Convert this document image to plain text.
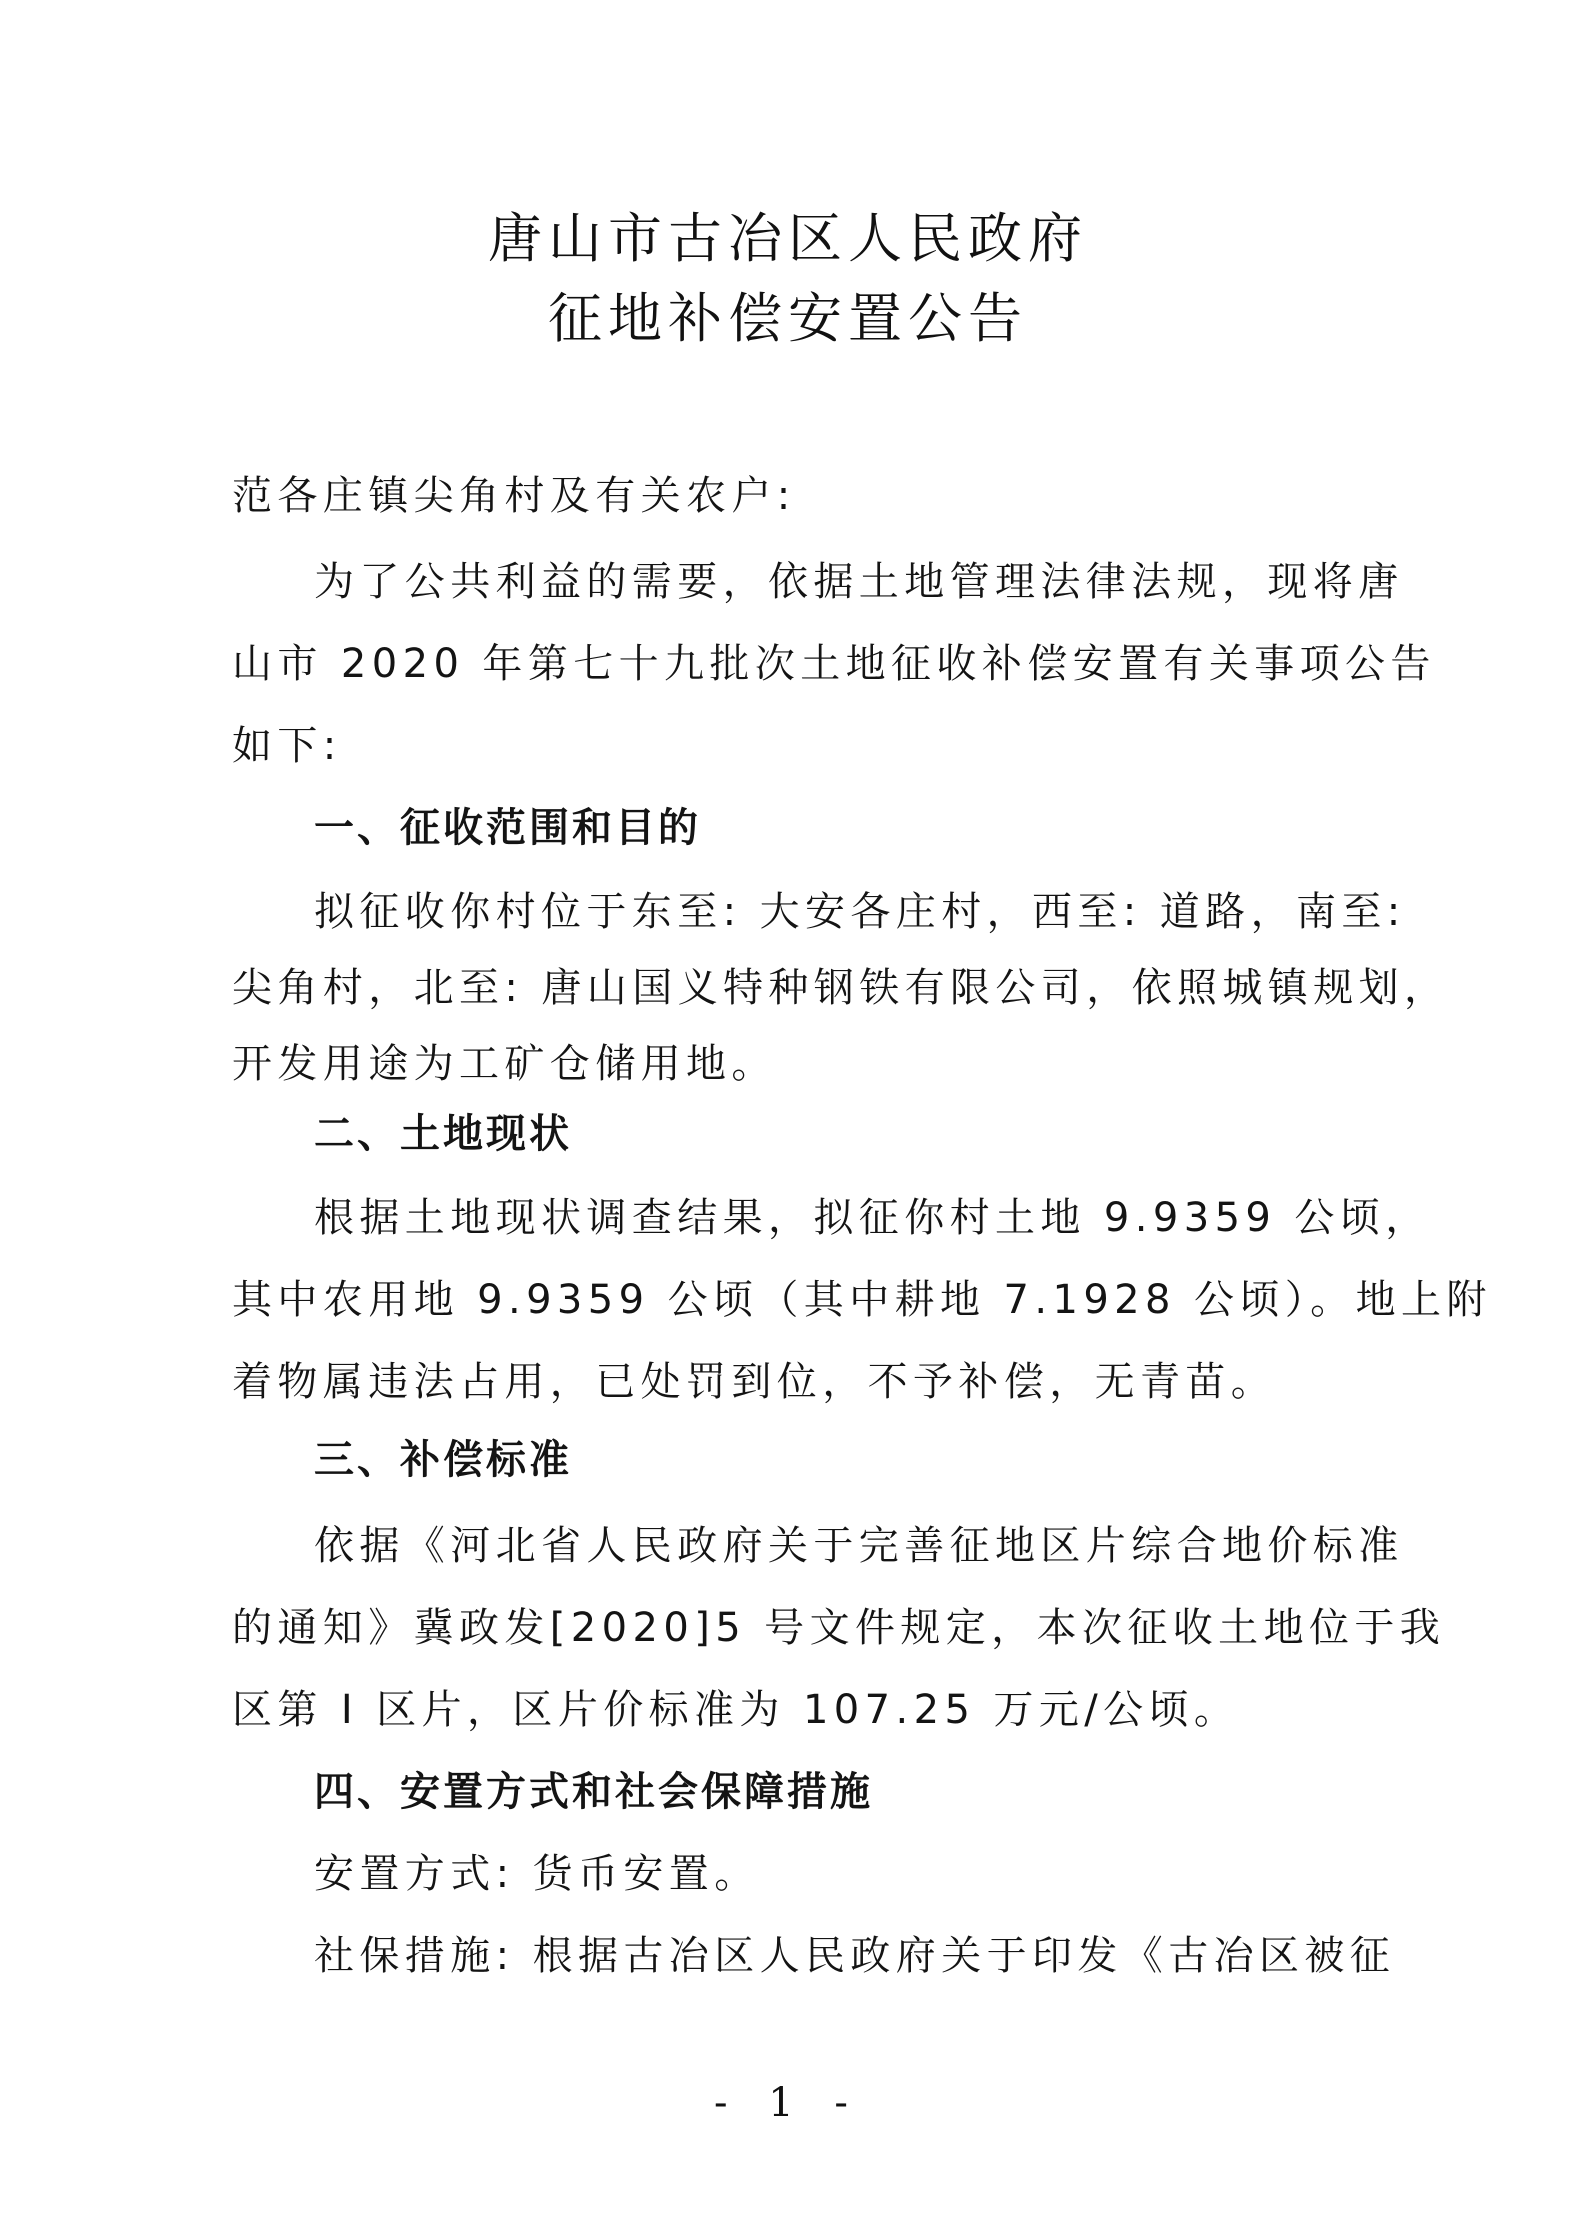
唐山市古冶区人民政府
征地补偿安置公告
范各庄镇尖角村及有关农户:
为了公共利益的需要，依据土地管理法律法规，现将唐
山市 2020 年第七十九批次土地征收补偿安置有关事项公告
如下:
一、征收范围和目的
拟征收你村位于东至: 大安各庄村，西至: 道路，南至:
尖角村，北至: 唐山国义特种钢铁有限公司，依照城镇规划，
开发用途为工矿仓储用地。
二、土地现状
根据土地现状调查结果，拟征你村土地 9.9359 公顷，
其中农用地 9.9359 公顷（其中耕地 7.1928 公顷）。地上附
着物属违法占用，已处罚到位，不予补偿，无青苗。
三、补偿标准
依据《河北省人民政府关于完善征地区片综合地价标准
的通知》冀政发[2020]5 号文件规定，本次征收土地位于我
区第 I 区片，区片价标准为 107.25 万元/公顷。
四、安置方式和社会保障措施
安置方式: 货币安置。
社保措施: 根据古冶区人民政府关于印发《古冶区被征
- 1 -
